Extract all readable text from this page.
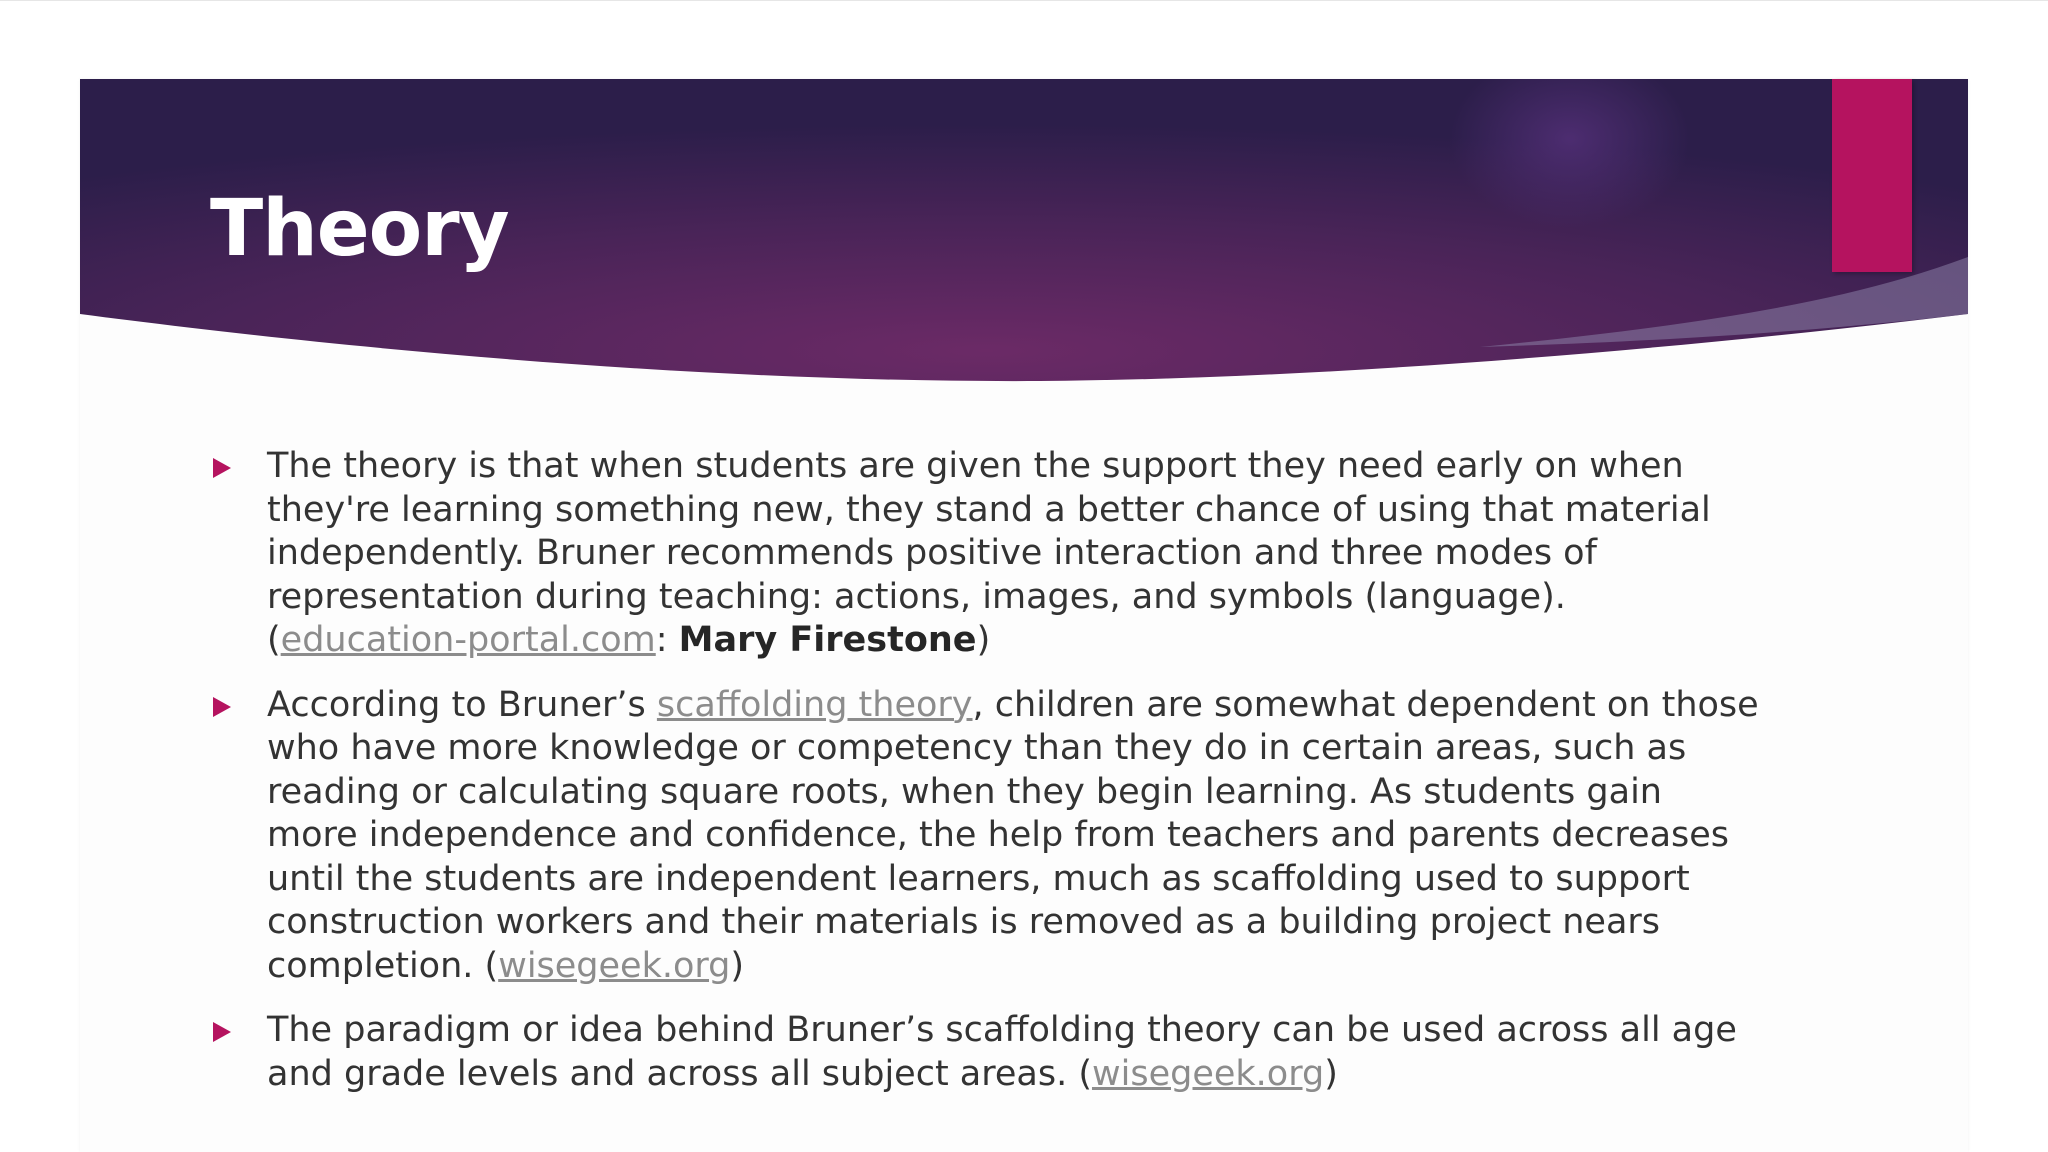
Theory
The theory is that when students are given the support they need early on when they're learning something new, they stand a better chance of using that material independently. Bruner recommends positive interaction and three modes of representation during teaching: actions, images, and symbols (language). (education-portal.com: Mary Firestone)
According to Bruner’s scaffolding theory, children are somewhat dependent on those who have more knowledge or competency than they do in certain areas, such as reading or calculating square roots, when they begin learning. As students gain more independence and confidence, the help from teachers and parents decreases until the students are independent learners, much as scaffolding used to support construction workers and their materials is removed as a building project nears completion. (wisegeek.org)
The paradigm or idea behind Bruner’s scaffolding theory can be used across all age and grade levels and across all subject areas. (wisegeek.org)
